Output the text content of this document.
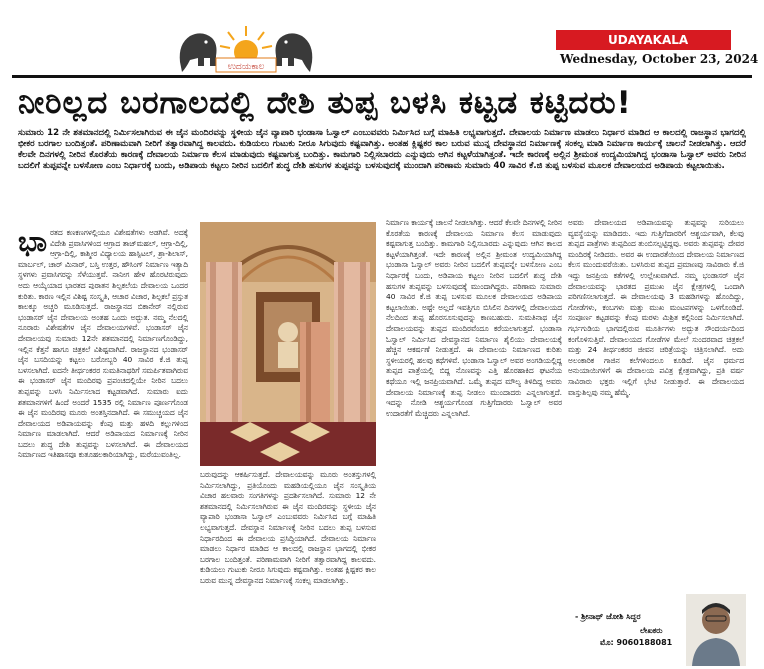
ಉದಯಕಾಲ
UDAYAKALA
Wednesday, October 23, 2024
ನೀರಿಲ್ಲದ ಬರಗಾಲದಲ್ಲಿ ದೇಶಿ ತುಪ್ಪ ಬಳಸಿ ಕಟ್ಟಡ ಕಟ್ಟಿದರು!

ಸುಮಾರು 12 ನೇ ಶತಮಾನದಲ್ಲಿ ನಿರ್ಮಿಸಲಾಗಿರುವ ಈ ಜೈನ ಮಂದಿರವನ್ನು ಸ್ಥಳೀಯ ಜೈನ ವ್ಯಾಪಾರಿ ಭಂಡಾಸಾ ಓಸ್ವಾಲ್ ಎಂಬುವವರು ನಿರ್ಮಿಸಿದ ಬಗ್ಗೆ ಮಾಹಿತಿ ಲಭ್ಯವಾಗುತ್ತದೆ. ದೇವಾಲಯ ನಿರ್ಮಾಣ ಮಾಡಲು ನಿರ್ಧಾರ ಮಾಡಿದ ಆ ಕಾಲದಲ್ಲಿ ರಾಜಸ್ಥಾನ ಭಾಗದಲ್ಲಿ ಭೀಕರ ಬರಗಾಲ ಬಂದಿತ್ತಂತೆ. ಪರಿಣಾಮವಾಗಿ ನೀರಿಗೆ ತತ್ವಾರವಾಗಿದ್ದ ಕಾಲವದು. ಕುಡಿಯಲು ಗುಟುಕು ನೀರೂ ಸಿಗುವುದು ಕಷ್ಟವಾಗಿತ್ತು. ಅಂತಹ ಕ್ಲಿಷ್ಟಕರ ಕಾಲ ಬರುವ ಮುನ್ನ ದೇವಸ್ಥಾನದ ನಿರ್ಮಾಣಕ್ಕೆ ಸಂಕಲ್ಪ ಮಾಡಿ ನಿರ್ಮಾಣ ಕಾರ್ಯಕ್ಕೆ ಚಾಲನೆ ನೀಡಲಾಗಿತ್ತು. ಆದರೆ ಕೆಲವೇ ದಿನಗಳಲ್ಲಿ ನೀರಿನ ಕೊರತೆಯ ಕಾರಣಕ್ಕೆ ದೇವಾಲಯ ನಿರ್ಮಾಣ ಕೆಲಸ ಮಾಡುವುದು ಕಷ್ಟವಾಗುತ್ತ ಬಂದಿತ್ತು. ಕಾಮಗಾರಿ ನಿಲ್ಲಿಸಬಾರದು ಎನ್ನುವುದು ಆಗಿನ ಕಟ್ಟಳೆಯಾಗಿತ್ತಂತೆ. ಇದೇ ಕಾರಣಕ್ಕೆ ಅಲ್ಲಿನ ಶ್ರೀಮಂತ ಉದ್ಯಮಿಯಾಗಿದ್ದ ಭಂಡಾಸಾ ಓಸ್ವಾಲ್ ಅವರು ನೀರಿನ ಬದಲಿಗೆ ತುಪ್ಪವನ್ನೇ ಬಳಸೋಣ ಎಂಬ ನಿರ್ಧಾರಕ್ಕೆ ಬಂದು, ಅಡಿಪಾಯ ಕಟ್ಟಲು ನೀರಿನ ಬದಲಿಗೆ ಶುದ್ಧ ದೇಶಿ ಹಸುಗಳ ತುಪ್ಪವನ್ನು ಬಳಸುವುದಕ್ಕೆ ಮುಂದಾಗಿ ಪರಿಣಾಮ ಸುಮಾರು 40 ಸಾವಿರ ಕೆ.ಜಿ ತುಪ್ಪ ಬಳಸುವ ಮೂಲಕ ದೇವಾಲಯದ ಅಡಿಪಾಯ ಕಟ್ಟಲಾಯಿತು.

ಭಾ ರತದ ಕಣಕಣಗಳಲ್ಲಿಯೂ ವಿಶೇಷತೆಗಳು ಅಡಗಿವೆ. ಅದಕ್ಕೆ ವಿದೇಶಿ ಪ್ರವಾಸಿಗಳಿಂದ ಆಗ್ರಾದ ತಾಜ್‌ಮಹಲ್, ಆಗ್ರಾ-ದಿಲ್ಲಿ, ಆಗ್ರಾ-ದಿಲ್ಲಿ, ಕಾಶ್ಮೀರ ವಿಧ್ಯಾಲಯ ಹಾಸ್ಪಿಟಲ್, ಶ್ರಾ-ಶಿಲಾಸ್, ಮಾರ್ಬಲ್, ಚಾರ್ ಮಿನಾರ್, ಬಸ್ತಿ ಉತ್ತರ, ಹೌಸಿಂಗ್ ನಿರ್ಮಾಣ ಇತ್ಯಾದಿ ಸ್ಥಳಗಳು ಪ್ರವಾಸಿಗರನ್ನು ಸೆಳೆಯುತ್ತವೆ. ನಾನೀಗ ಹೇಳ ಹೊರಟಿರುವುದು ಅದು ಆಯ್ಕೆಯಾದ ಭಾರತದ ಪುರಾತನ ಶಿಲ್ಪಕಲೆಯ ದೇವಾಲಯ ಒಂದರ ಕುರಿತು. ಕಾರಣ ಇಲ್ಲಿನ ವಿಶಿಷ್ಟ ಸಂಸ್ಕೃತಿ, ಆಚಾರ ವಿಚಾರ, ಶಿಲ್ಪಕಲೆ ಪ್ರಸ್ತುತ ಕಾಲಕ್ಕೂ ಅಚ್ಚರಿ ಮೂಡಿಸುತ್ತದೆ. ರಾಜಸ್ಥಾನದ ಬಿಕಾನೇರ್ ನಲ್ಲಿರುವ ಭಂಡಾಸರ್ ಜೈನ ದೇವಾಲಯ ಅಂತಹ ಒಂದು ಅದ್ಭುತ. ನಮ್ಮ ನೆಲದಲ್ಲಿ ನೂರಾರು ವಿಶೇಷತೆಗಳ ಜೈನ ದೇವಾಲಯಗಳಿವೆ. ಭಂಡಾಸರ್ ಜೈನ ದೇವಾಲಯವು ಸುಮಾರು 12ನೇ ಶತಮಾನದಲ್ಲಿ ನಿರ್ಮಾಣಗೊಂಡಿದ್ದು, ಇಲ್ಲಿನ ಕೆತ್ತನೆ ಹಾಗೂ ಚಿತ್ರಕಲೆ ವಿಶಿಷ್ಟವಾಗಿದೆ. ರಾಜಸ್ಥಾನದ ಭಂಡಾಸರ್ ಜೈನ ಬಸದಿಯನ್ನು ಕಟ್ಟಲು ಬರೋಬ್ಬರಿ 40 ಸಾವಿರ ಕೆ.ಜಿ ತುಪ್ಪ ಬಳಸಲಾಗಿದೆ. ಐದನೇ ತೀರ್ಥಂಕರರ ಸುಮತಿನಾಥರಿಗೆ ಸಮರ್ಪಿತವಾಗಿರುವ ಈ ಭಂಡಾಸರ್ ಜೈನ ಮಂದಿರವು ಪ್ರಪಂಚದಲ್ಲಿಯೇ ನೀರಿನ ಬದಲು ತುಪ್ಪವನ್ನು ಬಳಸಿ ನಿರ್ಮಿಸಲಾದ ಕಟ್ಟಡವಾಗಿದೆ. ಸುಮಾರು ಐದು ಶತಮಾನಗಳಿಗೆ ಹಿಂದೆ ಅಂದರೆ 1535 ರಲ್ಲಿ ನಿರ್ಮಾಣ ಪೂರ್ಣಗೊಂಡ ಈ ಜೈನ ಮಂದಿರವು ಮೂರು ಅಂತಸ್ತಿನದಾಗಿದೆ. ಈ ಸಮುಚ್ಚಯದ ಜೈನ ದೇವಾಲಯದ ಅಡಿಪಾಯವನ್ನು ಕೆಂಪು ಮತ್ತು ಹಳದಿ ಕಲ್ಲುಗಳಿಂದ ನಿರ್ಮಾಣ ಮಾಡಲಾಗಿದೆ. ಆದರೆ ಅಡಿಪಾಯದ ನಿರ್ಮಾಣಕ್ಕೆ ನೀರಿನ ಬದಲು ಶುದ್ಧ ದೇಶಿ ತುಪ್ಪವನ್ನು ಬಳಸಲಾಗಿದೆ. ಈ ದೇವಾಲಯದ ನಿರ್ಮಾಣದ ಇತಿಹಾಸವೂ ಕುತೂಹಲಕಾರಿಯಾಗಿದ್ದು, ಮರೆಯುವಂತಿಲ್ಲ.
ಬರುವುದನ್ನು ಆಕರ್ಷಿಸುತ್ತದೆ. ದೇವಾಲಯವನ್ನು ಮೂರು ಅಂತಸ್ತುಗಳಲ್ಲಿ ನಿರ್ಮಿಸಲಾಗಿದ್ದು, ಪ್ರತಿಯೊಂದು ಮಹಡಿಯಲ್ಲಿಯೂ ಜೈನ ಸಂಸ್ಕೃತಿಯ ವಿಚಾರ ಹಲವಾರು ಸಂಗತಿಗಳನ್ನು ಪ್ರದರ್ಶಿಸಲಾಗಿದೆ. ಸುಮಾರು 12 ನೇ ಶತಮಾನದಲ್ಲಿ ನಿರ್ಮಿಸಲಾಗಿರುವ ಈ ಜೈನ ಮಂದಿರವನ್ನು ಸ್ಥಳೀಯ ಜೈನ ವ್ಯಾಪಾರಿ ಭಂಡಾಸಾ ಓಸ್ವಾಲ್ ಎಂಬುವವರು ನಿರ್ಮಿಸಿದ ಬಗ್ಗೆ ಮಾಹಿತಿ ಲಭ್ಯವಾಗುತ್ತದೆ. ದೇವಸ್ಥಾನ ನಿರ್ಮಾಣಕ್ಕೆ ನೀರಿನ ಬದಲು ತುಪ್ಪ ಬಳಸುವ ನಿರ್ಧಾರದಿಂದ ಈ ದೇವಾಲಯ ಪ್ರಸಿದ್ಧಿಯಾಗಿದೆ. ದೇವಾಲಯ ನಿರ್ಮಾಣ ಮಾಡಲು ನಿರ್ಧಾರ ಮಾಡಿದ ಆ ಕಾಲದಲ್ಲಿ ರಾಜಸ್ಥಾನ ಭಾಗದಲ್ಲಿ ಭೀಕರ ಬರಗಾಲ ಬಂದಿತ್ತಂತೆ. ಪರಿಣಾಮವಾಗಿ ನೀರಿಗೆ ತತ್ವಾರವಾಗಿದ್ದ ಕಾಲವದು. ಕುಡಿಯಲು ಗುಟುಕು ನೀರೂ ಸಿಗುವುದು ಕಷ್ಟವಾಗಿತ್ತು. ಅಂತಹ ಕ್ಲಿಷ್ಟಕರ ಕಾಲ ಬರುವ ಮುನ್ನ ದೇವಸ್ಥಾನದ ನಿರ್ಮಾಣಕ್ಕೆ ಸಂಕಲ್ಪ ಮಾಡಲಾಗಿತ್ತು.
ನಿರ್ಮಾಣ ಕಾರ್ಯಕ್ಕೆ ಚಾಲನೆ ನೀಡಲಾಗಿತ್ತು. ಆದರೆ ಕೆಲವೇ ದಿನಗಳಲ್ಲಿ ನೀರಿನ ಕೊರತೆಯ ಕಾರಣಕ್ಕೆ ದೇವಾಲಯ ನಿರ್ಮಾಣ ಕೆಲಸ ಮಾಡುವುದು ಕಷ್ಟವಾಗುತ್ತ ಬಂದಿತ್ತು. ಕಾಮಗಾರಿ ನಿಲ್ಲಿಸಬಾರದು ಎನ್ನುವುದು ಆಗಿನ ಕಾಲದ ಕಟ್ಟಳೆಯಾಗಿತ್ತಂತೆ. ಇದೇ ಕಾರಣಕ್ಕೆ ಅಲ್ಲಿನ ಶ್ರೀಮಂತ ಉದ್ಯಮಿಯಾಗಿದ್ದ ಭಂಡಾಸಾ ಓಸ್ವಾಲ್ ಅವರು ನೀರಿನ ಬದಲಿಗೆ ತುಪ್ಪವನ್ನೇ ಬಳಸೋಣ ಎಂಬ ನಿರ್ಧಾರಕ್ಕೆ ಬಂದು, ಅಡಿಪಾಯ ಕಟ್ಟಲು ನೀರಿನ ಬದಲಿಗೆ ಶುದ್ಧ ದೇಶಿ ಹಸುಗಳ ತುಪ್ಪವನ್ನು ಬಳಸುವುದಕ್ಕೆ ಮುಂದಾಗಿದ್ದರು. ಪರಿಣಾಮ ಸುಮಾರು 40 ಸಾವಿರ ಕೆ.ಜಿ ತುಪ್ಪ ಬಳಸುವ ಮೂಲಕ ದೇವಾಲಯದ ಅಡಿಪಾಯ ಕಟ್ಟಲಾಯಿತು. ಅಷ್ಟೇ ಅಲ್ಲದೆ ಇವತ್ತಿಗೂ ಬಿಸಿಲಿನ ದಿನಗಳಲ್ಲಿ ದೇವಾಲಯದ ನೆಲದಿಂದ ತುಪ್ಪ ಹೊರಸೂಸುವುದನ್ನು ಕಾಣಬಹುದು. ಸುಮತಿನಾಥ ಜೈನ ದೇವಾಲಯವನ್ನು ತುಪ್ಪದ ಮಂದಿರವೆಂದೂ ಕರೆಯಲಾಗುತ್ತದೆ. ಭಂಡಾಸಾ ಓಸ್ವಾಲ್ ನಿರ್ಮಿಸಿದ ದೇವಸ್ಥಾನದ ನಿರ್ಮಾಣ ಶೈಲಿಯು ದೇವಾಲಯಕ್ಕೆ ಹೆಚ್ಚಿನ ಆಕರ್ಷಣೆ ನೀಡುತ್ತದೆ. ಈ ದೇವಾಲಯ ನಿರ್ಮಾಣದ ಕುರಿತು ಸ್ಥಳೀಯರಲ್ಲಿ ಹಲವು ಕಥೆಗಳಿವೆ. ಭಂಡಾಸಾ ಓಸ್ವಾಲ್ ಅವರ ಅಂಗಡಿಯಲ್ಲಿದ್ದ ತುಪ್ಪದ ಪಾತ್ರೆಯಲ್ಲಿ ಬಿದ್ದ ನೊಣವನ್ನು ಎತ್ತಿ ಹೊರಹಾಕಿದ ಘಟನೆಯ ಕಥೆಯೂ ಇಲ್ಲಿ ಜನಪ್ರಿಯವಾಗಿದೆ. ಒಮ್ಮೆ ತುಪ್ಪದ ಮೌಲ್ಯ ತಿಳಿದಿದ್ದ ಅವರು ದೇವಾಲಯ ನಿರ್ಮಾಣಕ್ಕೆ ತುಪ್ಪ ನೀಡಲು ಮುಂದಾದರು ಎನ್ನಲಾಗುತ್ತದೆ. ಇದನ್ನು ನೋಡಿ ಆಶ್ಚರ್ಯಗೊಂಡ ಗುತ್ತಿಗೆದಾರರು ಓಸ್ವಾಲ್ ಅವರ ಉದಾರತೆಗೆ ಮೆಚ್ಚಿದರು ಎನ್ನಲಾಗಿದೆ.
ಅವರು ದೇವಾಲಯದ ಅಡಿಪಾಯವನ್ನು ತುಪ್ಪವನ್ನು ಸುರಿಯಲು ವ್ಯವಸ್ಥೆಯನ್ನು ಮಾಡಿದರು. ಇದು ಗುತ್ತಿಗೆದಾರರಿಗೆ ಆಶ್ಚರ್ಯವಾಗಿ, ಕೆಲವು ತುಪ್ಪದ ಪಾತ್ರೆಗಳು ತುಪ್ಪದಿಂದ ತುಂಬಿಸಲ್ಪಟ್ಟಿದ್ದವು. ಅವರು ತುಪ್ಪವನ್ನು ದೇವರ ಮಂದಿರಕ್ಕೆ ನೀಡಿದರು. ಅವರ ಈ ಉದಾರತೆಯಿಂದ ದೇವಾಲಯ ನಿರ್ಮಾಣದ ಕೆಲಸ ಮುಂದುವರೆಯಿತು. ಬಳಸಿರುವ ತುಪ್ಪದ ಪ್ರಮಾಣವು ಸಾವಿರಾರು ಕೆ.ಜಿ ಇದ್ದು ಜನಪ್ರಿಯ ಕತೆಗಳಲ್ಲಿ ಉಲ್ಲೇಖವಾಗಿದೆ. ನಮ್ಮ ಭಂಡಾಸರ್ ಜೈನ ದೇವಾಲಯವನ್ನು ಭಾರತದ ಪ್ರಮುಖ ಜೈನ ಕ್ಷೇತ್ರಗಳಲ್ಲಿ ಒಂದಾಗಿ ಪರಿಗಣಿಸಲಾಗುತ್ತದೆ. ಈ ದೇವಾಲಯವು 3 ಮಹಡಿಗಳನ್ನು ಹೊಂದಿದ್ದು, ಗೋಡೆಗಳು, ಕಂಬಗಳು ಮತ್ತು ಮುಖ ಮಂಟಪಗಳನ್ನು ಒಳಗೊಂಡಿದೆ. ಸಂಪೂರ್ಣ ಕಟ್ಟಡವನ್ನು ಕೆಂಪು ಮರಳು ಮಿಶ್ರಿತ ಕಲ್ಲಿನಿಂದ ನಿರ್ಮಿಸಲಾಗಿದೆ. ಗರ್ಭಗುಡಿಯ ಭಾಗದಲ್ಲಿರುವ ಮೂರ್ತಿಗಳು ಅದ್ಭುತ ಸೌಂದರ್ಯದಿಂದ ಕಂಗೊಳಿಸುತ್ತಿವೆ. ದೇವಾಲಯದ ಗೋಡೆಗಳ ಮೇಲೆ ಸುಂದರವಾದ ಚಿತ್ರಕಲೆ ಮತ್ತು 24 ತೀರ್ಥಂಕರರ ಜೀವನ ಚರಿತ್ರೆಯನ್ನು ಚಿತ್ರಿಸಲಾಗಿದೆ. ಅದು ಅಲಂಕಾರಿಕ ಗಾಜಿನ ಕಲೆಗಳಿಂದಲೂ ಕೂಡಿದೆ. ಜೈನ ಧರ್ಮದ ಅನುಯಾಯಿಗಳಿಗೆ ಈ ದೇವಾಲಯ ಪವಿತ್ರ ಕ್ಷೇತ್ರವಾಗಿದ್ದು, ಪ್ರತಿ ವರ್ಷ ಸಾವಿರಾರು ಭಕ್ತರು ಇಲ್ಲಿಗೆ ಭೇಟಿ ನೀಡುತ್ತಾರೆ. ಈ ದೇವಾಲಯದ ವಾಸ್ತುಶಿಲ್ಪವು ನಮ್ಮ ಹೆಮ್ಮೆ.
- ಶ್ರೀನಾಥ್ ಜೋಶಿ ಸಿದ್ದರ
ಲೇಖಕರು
ಮೊ: 9060188081
